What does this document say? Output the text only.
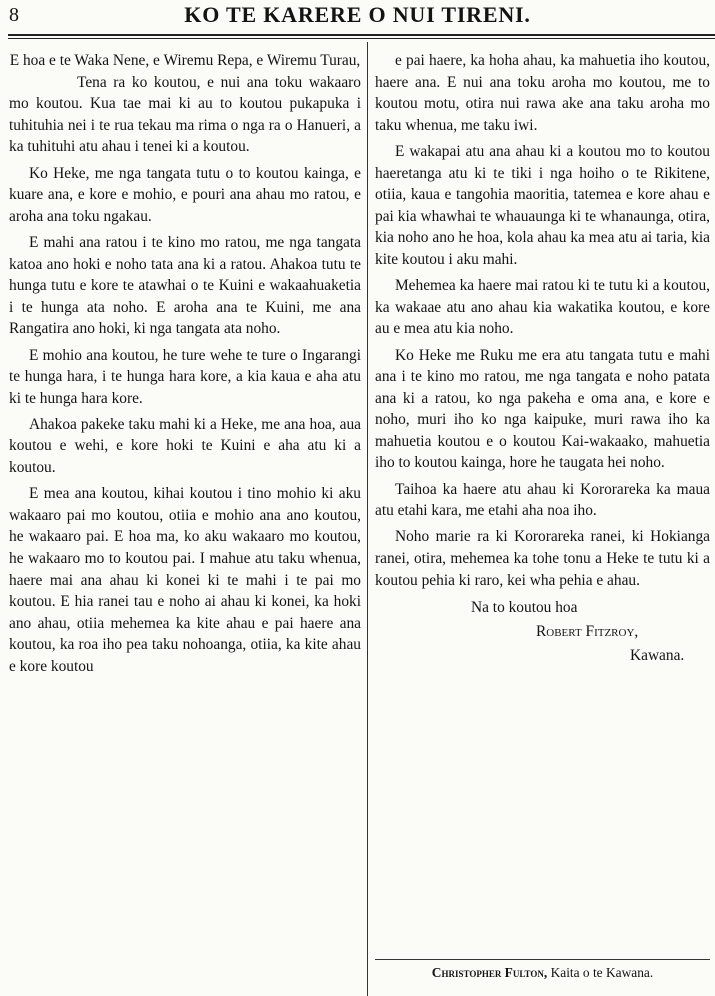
8	KO TE KARERE O NUI TIRENI.

E hoa e te Waka Nene, e Wiremu Repa, e Wiremu Turau,

Tena ra ko koutou, e nui ana toku wakaaro mo koutou. Kua tae mai ki au to koutou pukapuka i tuhituhia nei i te rua tekau ma rima o nga ra o Hanueri, a ka tuhituhi atu ahau i tenei ki a koutou.

Ko Heke, me nga tangata tutu o to koutou kainga, e kuare ana, e kore e mohio, e pouri ana ahau mo ratou, e aroha ana toku ngakau.

E mahi ana ratou i te kino mo ratou, me nga tangata katoa ano hoki e noho tata ana ki a ratou. Ahakoa tutu te hunga tutu e kore te atawhai o te Kuini e wakaahuaketia i te hunga ata noho. E aroha ana te Kuini, me ana Rangatira ano hoki, ki nga tangata ata noho.

E mohio ana koutou, he ture wehe te ture o Ingarangi te hunga hara, i te hunga hara kore, a kia kaua e aha atu ki te hunga hara kore.

Ahakoa pakeke taku mahi ki a Heke, me ana hoa, aua koutou e wehi, e kore hoki te Kuini e aha atu ki a koutou.

E mea ana koutou, kihai koutou i tino mohio ki aku wakaaro pai mo koutou, otiia e mohio ana ano koutou, he wakaaro pai. E hoa ma, ko aku wakaaro mo koutou, he wakaaro mo to koutou pai. I mahue atu taku whenua, haere mai ana ahau ki konei ki te mahi i te pai mo koutou. E hia ranei tau e noho ai ahau ki konei, ka hoki ano ahau, otiia mehemea ka kite ahau e pai haere ana koutou, ka roa iho pea taku nohoanga, otiia, ka kite ahau e kore koutou

e pai haere, ka hoha ahau, ka mahuetia iho koutou, haere ana. E nui ana toku aroha mo koutou, me to koutou motu, otira nui rawa ake ana taku aroha mo taku whenua, me taku iwi.

E wakapai atu ana ahau ki a koutou mo to koutou haeretanga atu ki te tiki i nga hoiho o te Rikitene, otiia, kaua e tangohia maoritia, tatemea e kore ahau e pai kia whawhai te whauaunga ki te whanaunga, otira, kia noho ano he hoa, kola ahau ka mea atu ai taria, kia kite koutou i aku mahi.

Mehemea ka haere mai ratou ki te tutu ki a koutou, ka wakaae atu ano ahau kia wakatika koutou, e kore au e mea atu kia noho.

Ko Heke me Ruku me era atu tangata tutu e mahi ana i te kino mo ratou, me nga tangata e noho patata ana ki a ratou, ko nga pakeha e oma ana, e kore e noho, muri iho ko nga kaipuke, muri rawa iho ka mahuetia koutou e o koutou Kai-wakaako, mahuetia iho to koutou kainga, hore he taugata hei noho.

Taihoa ka haere atu ahau ki Kororareka ka maua atu etahi kara, me etahi aha noa iho.

Noho marie ra ki Kororareka ranei, ki Hokianga ranei, otira, mehemea ka tohe tonu a Heke te tutu ki a koutou pehia ki raro, kei wha pehia e ahau.

Na to koutou hoa

Robert Fitzroy,

Kawana.

Christopher Fulton, Kaita o te Kawana.
